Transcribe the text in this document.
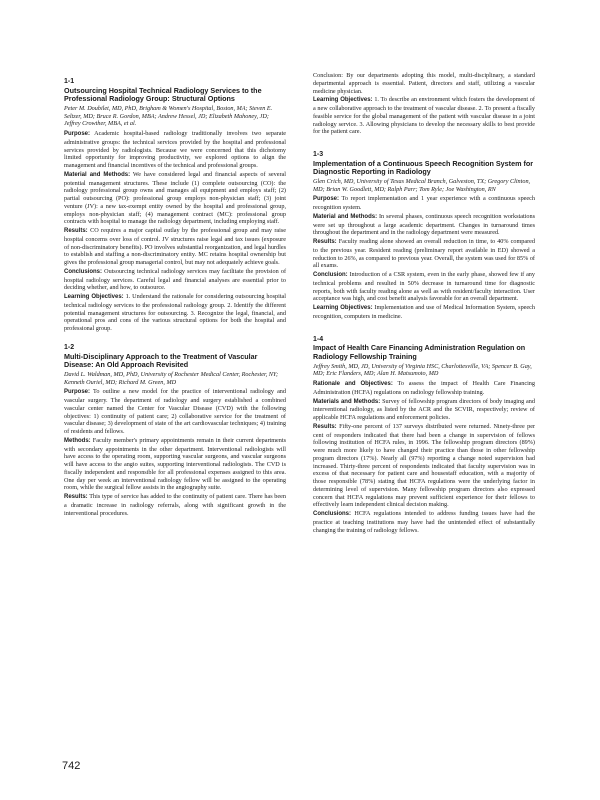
1-1
Outsourcing Hospital Technical Radiology Services to the Professional Radiology Group: Structural Options
Peter M. Doubilet, MD, PhD, Brigham & Women's Hospital, Boston, MA; Steven E. Seltzer, MD; Bruce R. Gordon, MBA; Andrew Hessel, JD; Elizabeth Mahoney, JD; Jeffrey Crowther, MBA, et al.

Purpose: Academic hospital-based radiology traditionally involves two separate administrative groups: the technical services provided by the hospital and professional services provided by radiologists. Because we were concerned that this dichotomy limited opportunity for improving productivity, we explored options to align the management and financial incentives of the technical and professional groups.

Material and Methods: We have considered legal and financial aspects of several potential management structures. These include (1) complete outsourcing (CO): the radiology professional group owns and manages all equipment and employs staff; (2) partial outsourcing (PO): professional group employs non-physician staff; (3) joint venture (JV): a new tax-exempt entity owned by the hospital and professional group, employs non-physician staff; (4) management contract (MC): professional group contracts with hospital to manage the radiology department, including employing staff.

Results: CO requires a major capital outlay by the professional group and may raise hospital concerns over loss of control. JV structures raise legal and tax issues (exposure of non-discriminatory benefits). PO involves substantial reorganization, and legal hurdles to establish and staffing a non-discriminatory entity. MC retains hospital ownership but gives the professional group managerial control, but may not adequately achieve goals.

Conclusions: Outsourcing technical radiology services may facilitate the provision of hospital radiology services. Careful legal and financial analyses are essential prior to deciding whether, and how, to outsource.

Learning Objectives: 1. Understand the rationale for considering outsourcing hospital technical radiology services to the professional radiology group. 2. Identify the different potential management structures for outsourcing. 3. Recognize the legal, financial, and operational pros and cons of the various structural options for both the hospital and professional group.

1-2
Multi-Disciplinary Approach to the Treatment of Vascular Disease: An Old Approach Revisited
David L. Waldman, MD, PhD, University of Rochester Medical Center, Rochester, NY; Kenneth Ouriel, MD; Richard M. Green, MD

Purpose: To outline a new model for the practice of interventional radiology and vascular surgery. The department of radiology and surgery established a combined vascular center named the Center for Vascular Disease (CVD) with the following objectives: 1) continuity of patient care; 2) collaborative service for the treatment of vascular disease; 3) development of state of the art cardiovascular techniques; 4) training of residents and fellows.

Methods: Faculty member's primary appointments remain in their current departments with secondary appointments in the other department. Interventional radiologists will have access to the operating room, supporting vascular surgeons, and vascular surgeons will have access to the angio suites, supporting interventional radiologists. The CVD is fiscally independent and responsible for all professional expenses assigned to this area. One day per week an interventional radiology fellow will be assigned to the operating room, while the surgical fellow assists in the angiography suite.

Results: This type of service has added to the continuity of patient care. There has been a dramatic increase in radiology referrals, along with significant growth in the interventional procedures.

Conclusion: By our departments adopting this model, multi-disciplinary, a standard departmental approach is essential. Patient, directors and staff, utilizing a vascular medicine physician.

Learning Objectives: 1. To describe an environment which fosters the development of a new collaborative approach to the treatment of vascular disease. 2. To present a fiscally feasible service for the global management of the patient with vascular disease in a joint radiology service. 3. Allowing physicians to develop the necessary skills to best provide for the patient care.

1-3
Implementation of a Continuous Speech Recognition System for Diagnostic Reporting in Radiology
Glen Crich, MD, University of Texas Medical Branch, Galveston, TX; Gregory Clinton, MD; Brian W. Goodlett, MD; Ralph Parr; Tom Ryle; Joe Washington, RN

Purpose: To report implementation and 1 year experience with a continuous speech recognition system.

Material and Methods: In several phases, continuous speech recognition workstations were set up throughout a large academic department. Changes in turnaround times throughout the department and in the radiology department were measured.

Results: Faculty reading alone showed an overall reduction in time, to 40% compared to the previous year. Resident reading (preliminary report available in ED) showed a reduction to 26%, as compared to previous year. Overall, the system was used for 85% of all exams.

Conclusion: Introduction of a CSR system, even in the early phase, showed few if any technical problems and resulted in 50% decrease in turnaround time for diagnostic reports, both with faculty reading alone as well as with resident/faculty interaction. User acceptance was high, and cost benefit analysis favorable for an overall department.

Learning Objectives: Implementation and use of Medical Information System, speech recognition, computers in medicine.

1-4
Impact of Health Care Financing Administration Regulation on Radiology Fellowship Training
Jeffrey Smith, MD, JD, University of Virginia HSC, Charlottesville, VA; Spencer B. Gay, MD; Eric Flanders, MD; Alan H. Matsumoto, MD

Rationale and Objectives: To assess the impact of Health Care Financing Administration (HCFA) regulations on radiology fellowship training.

Materials and Methods: Survey of fellowship program directors of body imaging and interventional radiology, as listed by the ACR and the SCVIR, respectively; review of applicable HCFA regulations and enforcement policies.

Results: Fifty-one percent of 137 surveys distributed were returned. Ninety-three per cent of responders indicated that there had been a change in supervision of fellows following institution of HCFA rules, in 1996. The fellowship program directors (89%) were much more likely to have changed their practice than those in other fellowship program directors (17%). Nearly all (97%) reporting a change noted supervision had increased. Thirty-three percent of respondents indicated that faculty supervision was in excess of that necessary for patient care and housestaff education, with a majority of those responsible (78%) stating that HCFA regulations were the underlying factor in determining level of supervision. Many fellowship program directors also expressed concern that HCFA regulations may prevent sufficient experience for their fellows to effectively learn independent clinical decision making.

Conclusions: HCFA regulations intended to address funding issues have had the practice at teaching institutions may have had the unintended effect of substantially changing the training of radiology fellows.

742
